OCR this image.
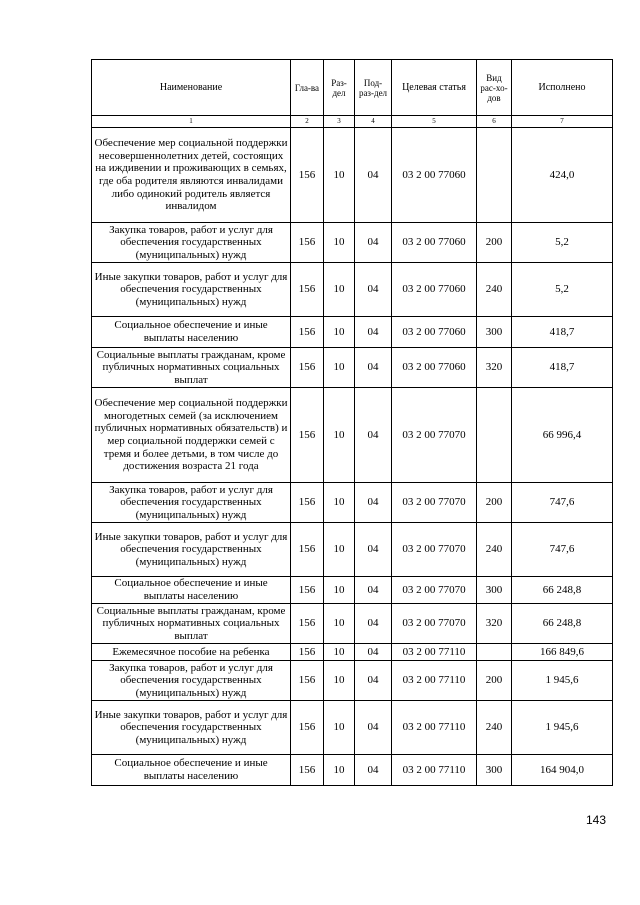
Наименование	Гла-ва	Раз-дел	Под-раз-дел	Целевая статья	Вид рас-хо-дов	Исполнено
1	2	3	4	5	6	7
Обеспечение мер социальной поддержки несовершеннолетних детей, состоящих на иждивении и проживающих в семьях, где оба родителя являются инвалидами либо одинокий родитель является инвалидом	156	10	04	03 2 00 77060		424,0
Закупка товаров, работ и услуг для обеспечения государственных (муниципальных) нужд	156	10	04	03 2 00 77060	200	5,2
Иные закупки товаров, работ и услуг для обеспечения государственных (муниципальных) нужд	156	10	04	03 2 00 77060	240	5,2
Социальное обеспечение и иные выплаты населению	156	10	04	03 2 00 77060	300	418,7
Социальные выплаты гражданам, кроме публичных нормативных социальных выплат	156	10	04	03 2 00 77060	320	418,7
Обеспечение мер социальной поддержки многодетных семей (за исключением публичных нормативных обязательств) и мер социальной поддержки семей с тремя и более детьми, в том числе до достижения возраста 21 года	156	10	04	03 2 00 77070		66 996,4
Закупка товаров, работ и услуг для обеспечения государственных (муниципальных) нужд	156	10	04	03 2 00 77070	200	747,6
Иные закупки товаров, работ и услуг для обеспечения государственных (муниципальных) нужд	156	10	04	03 2 00 77070	240	747,6
Социальное обеспечение и иные выплаты населению	156	10	04	03 2 00 77070	300	66 248,8
Социальные выплаты гражданам, кроме публичных нормативных социальных выплат	156	10	04	03 2 00 77070	320	66 248,8
Ежемесячное пособие на ребенка	156	10	04	03 2 00 77110		166 849,6
Закупка товаров, работ и услуг для обеспечения государственных (муниципальных) нужд	156	10	04	03 2 00 77110	200	1 945,6
Иные закупки товаров, работ и услуг для обеспечения государственных (муниципальных) нужд	156	10	04	03 2 00 77110	240	1 945,6
Социальное обеспечение и иные выплаты населению	156	10	04	03 2 00 77110	300	164 904,0
143
